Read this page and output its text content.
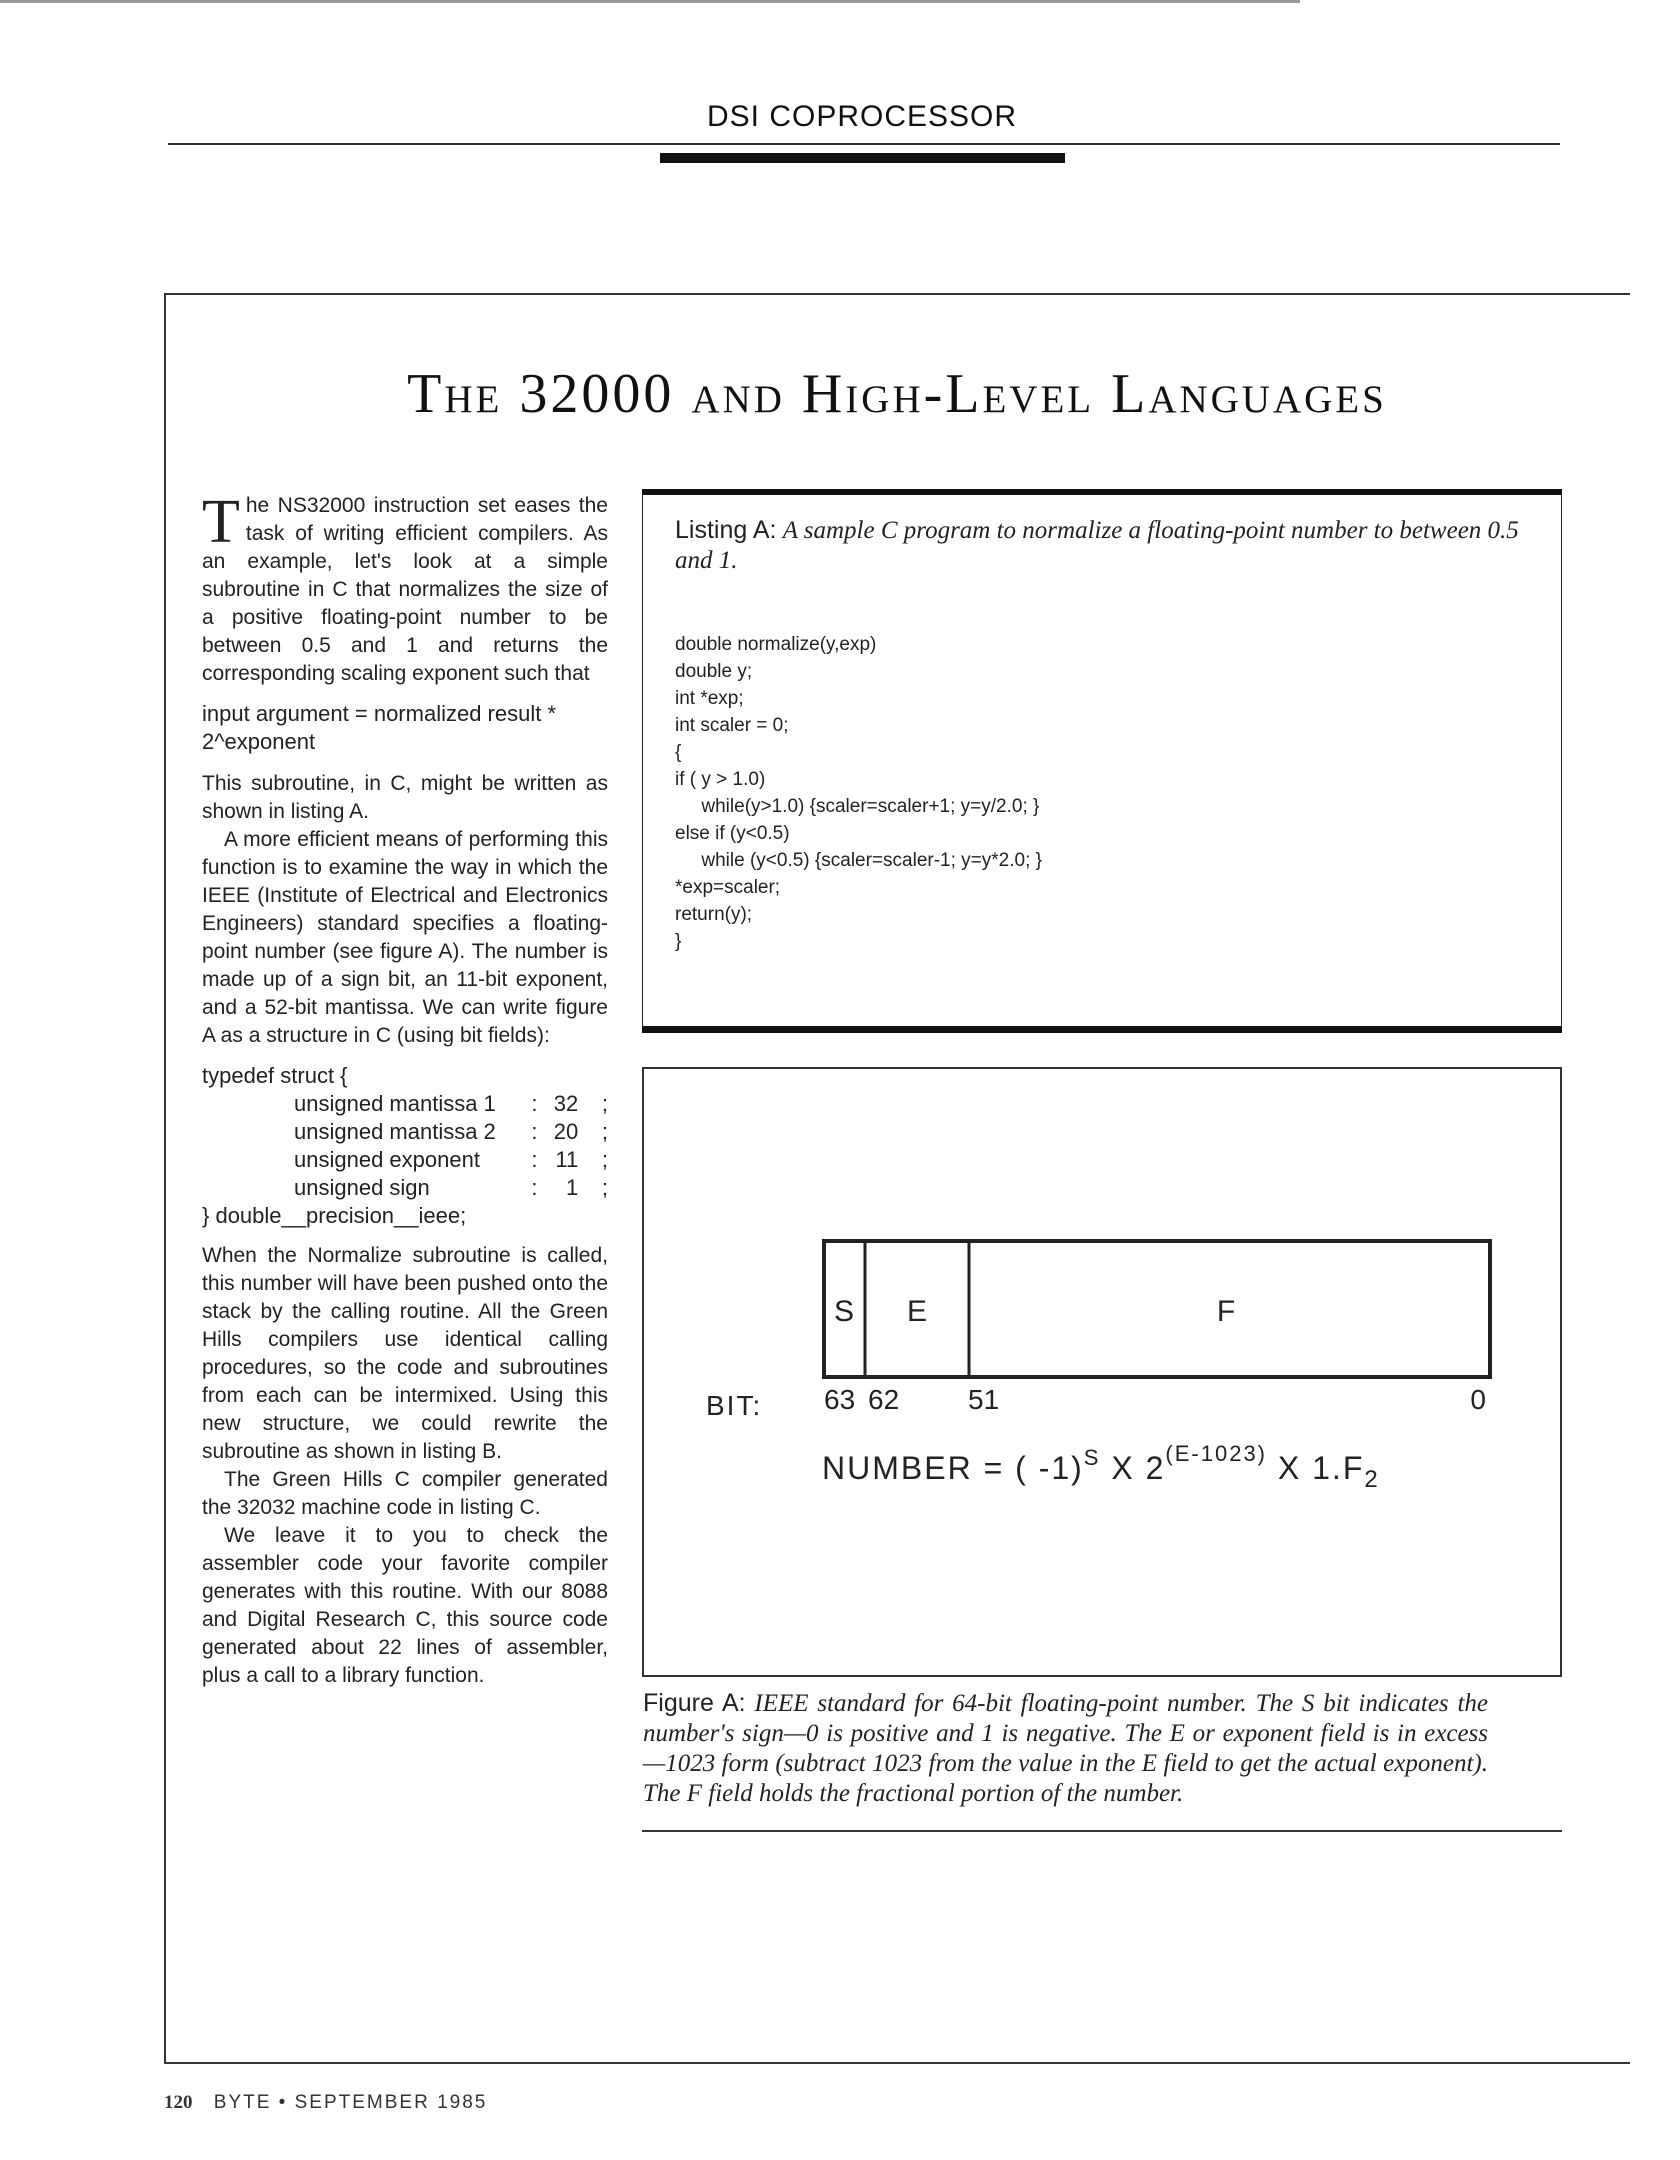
DSI COPROCESSOR
The 32000 and High-Level Languages

The NS32000 instruction set eases the task of writing efficient compilers. As an example, let's look at a simple subroutine in C that normalizes the size of a positive floating-point number to be between 0.5 and 1 and returns the corresponding scaling exponent such that

input argument = normalized result *
2^exponent

This subroutine, in C, might be written as shown in listing A.

A more efficient means of performing this function is to examine the way in which the IEEE (Institute of Electrical and Electronics Engineers) standard specifies a floating-point number (see figure A). The number is made up of a sign bit, an 11-bit exponent, and a 52-bit mantissa. We can write figure A as a structure in C (using bit fields):

typedef struct {
unsigned mantissa 1	: 32	;
unsigned mantissa 2	: 20	;
unsigned exponent	: 11	;
unsigned sign	:	1	;
} double__precision__ieee;

When the Normalize subroutine is called, this number will have been pushed onto the stack by the calling routine. All the Green Hills compilers use identical calling procedures, so the code and subroutines from each can be intermixed. Using this new structure, we could rewrite the subroutine as shown in listing B.

The Green Hills C compiler generated the 32032 machine code in listing C.

We leave it to you to check the assembler code your favorite compiler generates with this routine. With our 8088 and Digital Research C, this source code generated about 22 lines of assembler, plus a call to a library function.

Listing A: A sample C program to normalize a floating-point number to between 0.5 and 1.
double normalize(y,exp)
double y;
int *exp;
int scaler = 0;
{
if ( y > 1.0)
while(y>1.0) {scaler=scaler+1; y=y/2.0; }
else if (y<0.5)
while (y<0.5) {scaler=scaler-1; y=y*2.0; }
*exp=scaler;
return(y);
}
S E	F
BIT: 63 62 51	0
NUMBER = ( -1)$^S$ X $2^{(E-1023)}$ X $1.F_2$
Figure A: IEEE standard for 64-bit floating-point number. The S bit indicates the number's sign—0 is positive and 1 is negative. The E or exponent field is in excess—1023 form (subtract 1023 from the value in the E field to get the actual exponent). The F field holds the fractional portion of the number.
120 BYTE • SEPTEMBER 1985
